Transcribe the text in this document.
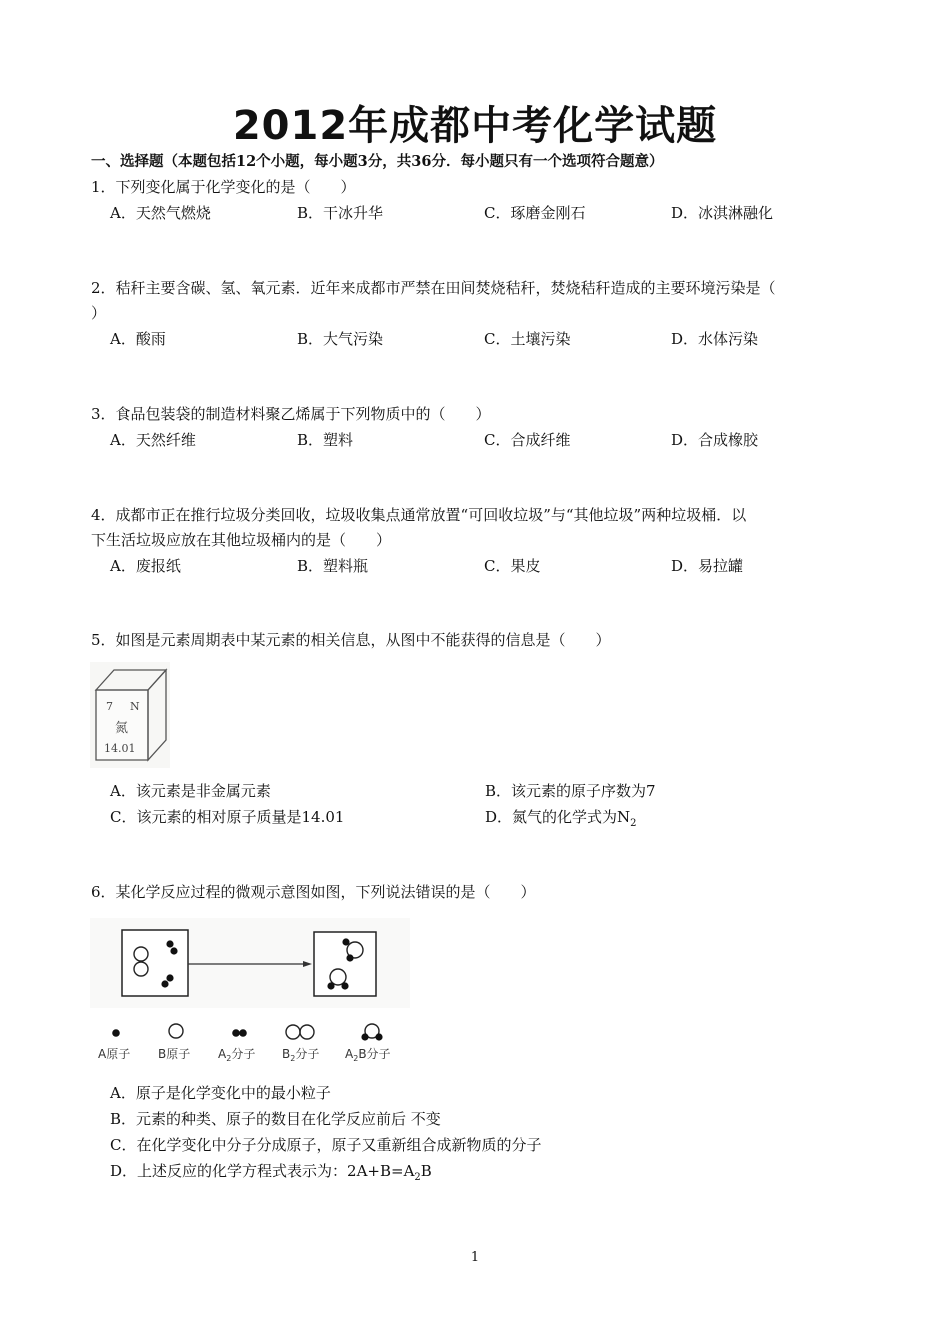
2012年成都中考化学试题
一、选择题（本题包括12个小题，每小题3分，共36分．每小题只有一个选项符合题意）
1．下列变化属于化学变化的是（　　）
A．天然气燃烧	B．干冰升华	C．琢磨金刚石	D．冰淇淋融化
2．秸秆主要含碳、氢、氧元素．近年来成都市严禁在田间焚烧秸秆，焚烧秸秆造成的主要环境污染是（
）
A．酸雨	B．大气污染	C．土壤污染	D．水体污染
3．食品包装袋的制造材料聚乙烯属于下列物质中的（　　）
A．天然纤维	B．塑料	C．合成纤维	D．合成橡胶
4．成都市正在推行垃圾分类回收，垃圾收集点通常放置“可回收垃圾”与“其他垃圾”两种垃圾桶．以
下生活垃圾应放在其他垃圾桶内的是（　　）
A．废报纸	B．塑料瓶	C．果皮	D．易拉罐
5．如图是元素周期表中某元素的相关信息，从图中不能获得的信息是（　　）
7 N
氮
14.01
A．该元素是非金属元素	B．该元素的原子序数为7
C．该元素的相对原子质量是14.01	D．氮气的化学式为$N_2$
6．某化学反应过程的微观示意图如图，下列说法错误的是（　　）
A原子 B原子 $A_2$分子 $B_2$分子 $A_2B$分子
A．原子是化学变化中的最小粒子
B．元素的种类、原子的数目在化学反应前后 不变
C．在化学变化中分子分成原子，原子又重新组合成新物质的分子
D．上述反应的化学方程式表示为：$2A+B=A_2B$
1
